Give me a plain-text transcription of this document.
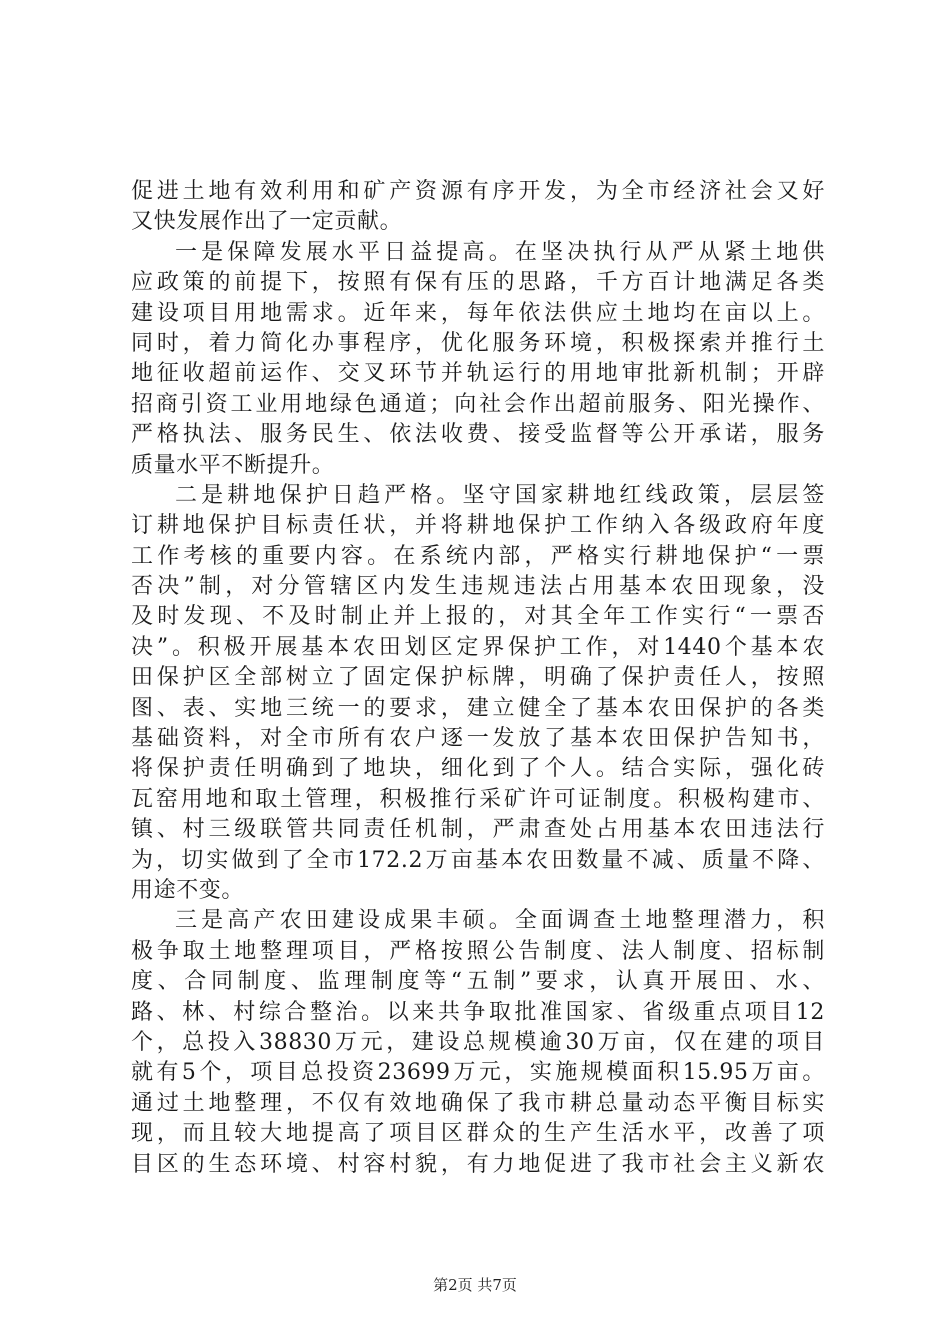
促进土地有效利用和矿产资源有序开发，为全市经济社会又好
又快发展作出了一定贡献。
一是保障发展水平日益提高。在坚决执行从严从紧土地供
应政策的前提下，按照有保有压的思路，千方百计地满足各类
建设项目用地需求。近年来，每年依法供应土地均在亩以上。
同时，着力简化办事程序，优化服务环境，积极探索并推行土
地征收超前运作、交叉环节并轨运行的用地审批新机制；开辟
招商引资工业用地绿色通道；向社会作出超前服务、阳光操作、
严格执法、服务民生、依法收费、接受监督等公开承诺，服务
质量水平不断提升。
二是耕地保护日趋严格。坚守国家耕地红线政策，层层签
订耕地保护目标责任状，并将耕地保护工作纳入各级政府年度
工作考核的重要内容。在系统内部，严格实行耕地保护“一票
否决”制，对分管辖区内发生违规违法占用基本农田现象，没
及时发现、不及时制止并上报的，对其全年工作实行“一票否
决”。积极开展基本农田划区定界保护工作，对1440个基本农
田保护区全部树立了固定保护标牌，明确了保护责任人，按照
图、表、实地三统一的要求，建立健全了基本农田保护的各类
基础资料，对全市所有农户逐一发放了基本农田保护告知书，
将保护责任明确到了地块，细化到了个人。结合实际，强化砖
瓦窑用地和取土管理，积极推行采矿许可证制度。积极构建市、
镇、村三级联管共同责任机制，严肃查处占用基本农田违法行
为，切实做到了全市172.2万亩基本农田数量不减、质量不降、
用途不变。
三是高产农田建设成果丰硕。全面调查土地整理潜力，积
极争取土地整理项目，严格按照公告制度、法人制度、招标制
度、合同制度、监理制度等“五制”要求，认真开展田、水、
路、林、村综合整治。以来共争取批准国家、省级重点项目12
个，总投入38830万元，建设总规模逾30万亩，仅在建的项目
就有5个，项目总投资23699万元，实施规模面积15.95万亩。
通过土地整理，不仅有效地确保了我市耕总量动态平衡目标实
现，而且较大地提高了项目区群众的生产生活水平，改善了项
目区的生态环境、村容村貌，有力地促进了我市社会主义新农
第2页 共7页
